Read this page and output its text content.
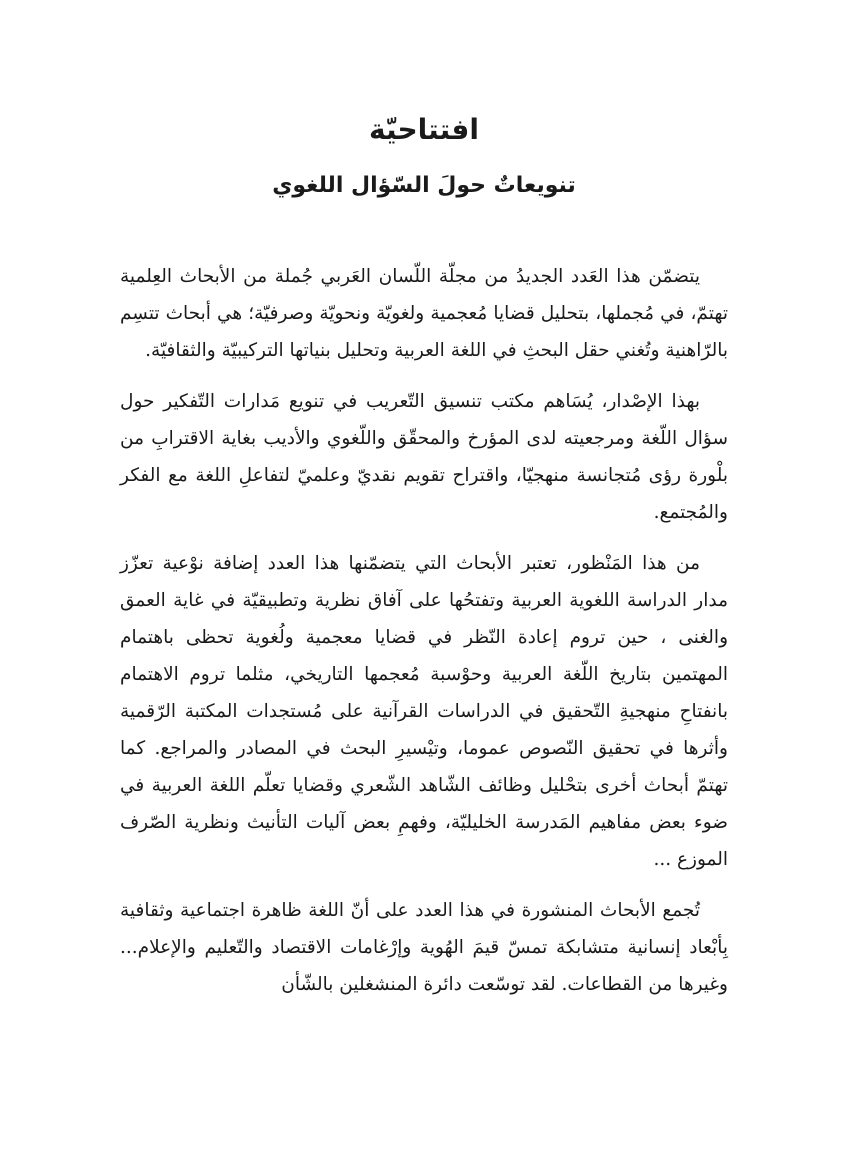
افتتاحيّة
تنويعاتٌ حولَ السّؤال اللغوي

يتضمّن هذا العَدد الجديدُ من مجلّة اللّسان العَربي جُملة من الأبحاث العِلمية تهتمّ، في مُجملها، بتحليل قضايا مُعجمية ولغويّة ونحويّة وصرفيّة؛ هي أبحاث تتسِم بالرّاهنية وتُغني حقل البحثِ في اللغة العربية وتحليل بنياتها التركيبيّة والثقافيّة.

بهذا الإصْدار، يُسَاهم مكتب تنسيق التّعريب في تنويع مَدارات التّفكير حول سؤال اللّغة ومرجعيته لدى المؤرخ والمحقّق واللّغوي والأديب بغاية الاقترابِ من بلْورة رؤى مُتجانسة منهجيّا، واقتراح تقويم نقديّ وعلميّ لتفاعلِ اللغة مع الفكر والمُجتمع.

من هذا المَنْظور، تعتبر الأبحاث التي يتضمّنها هذا العدد إضافة نوْعية تعزّز مدار الدراسة اللغوية العربية وتفتحُها على آفاق نظرية وتطبيقيّة في غاية العمق والغنى ، حين تروم إعادة النّظر في قضايا معجمية ولُغوية تحظى باهتمام المهتمين بتاريخ اللّغة العربية وحوْسبة مُعجمها التاريخي، مثلما تروم الاهتمام بانفتاحِ منهجيةِ التّحقيق في الدراسات القرآنية على مُستجدات المكتبة الرّقمية وأثرها في تحقيق النّصوص عموما، وتيْسيرِ البحث في المصادر والمراجع. كما تهتمّ أبحاث أخرى بتحْليل وظائف الشّاهد الشّعري وقضايا تعلّم اللغة العربية في ضوء بعض مفاهيم المَدرسة الخليليّة، وفهمِ بعض آليات التأنيث ونظرية الصّرف الموزع ...

تُجمع الأبحاث المنشورة في هذا العدد على أنّ اللغة ظاهرة اجتماعية وثقافية بِأبْعاد إنسانية متشابكة تمسّ قيمَ الهُوية وإرْغامات الاقتصاد والتّعليم والإعلام... وغيرها من القطاعات. لقد توسّعت دائرة المنشغلين بالشّأن
